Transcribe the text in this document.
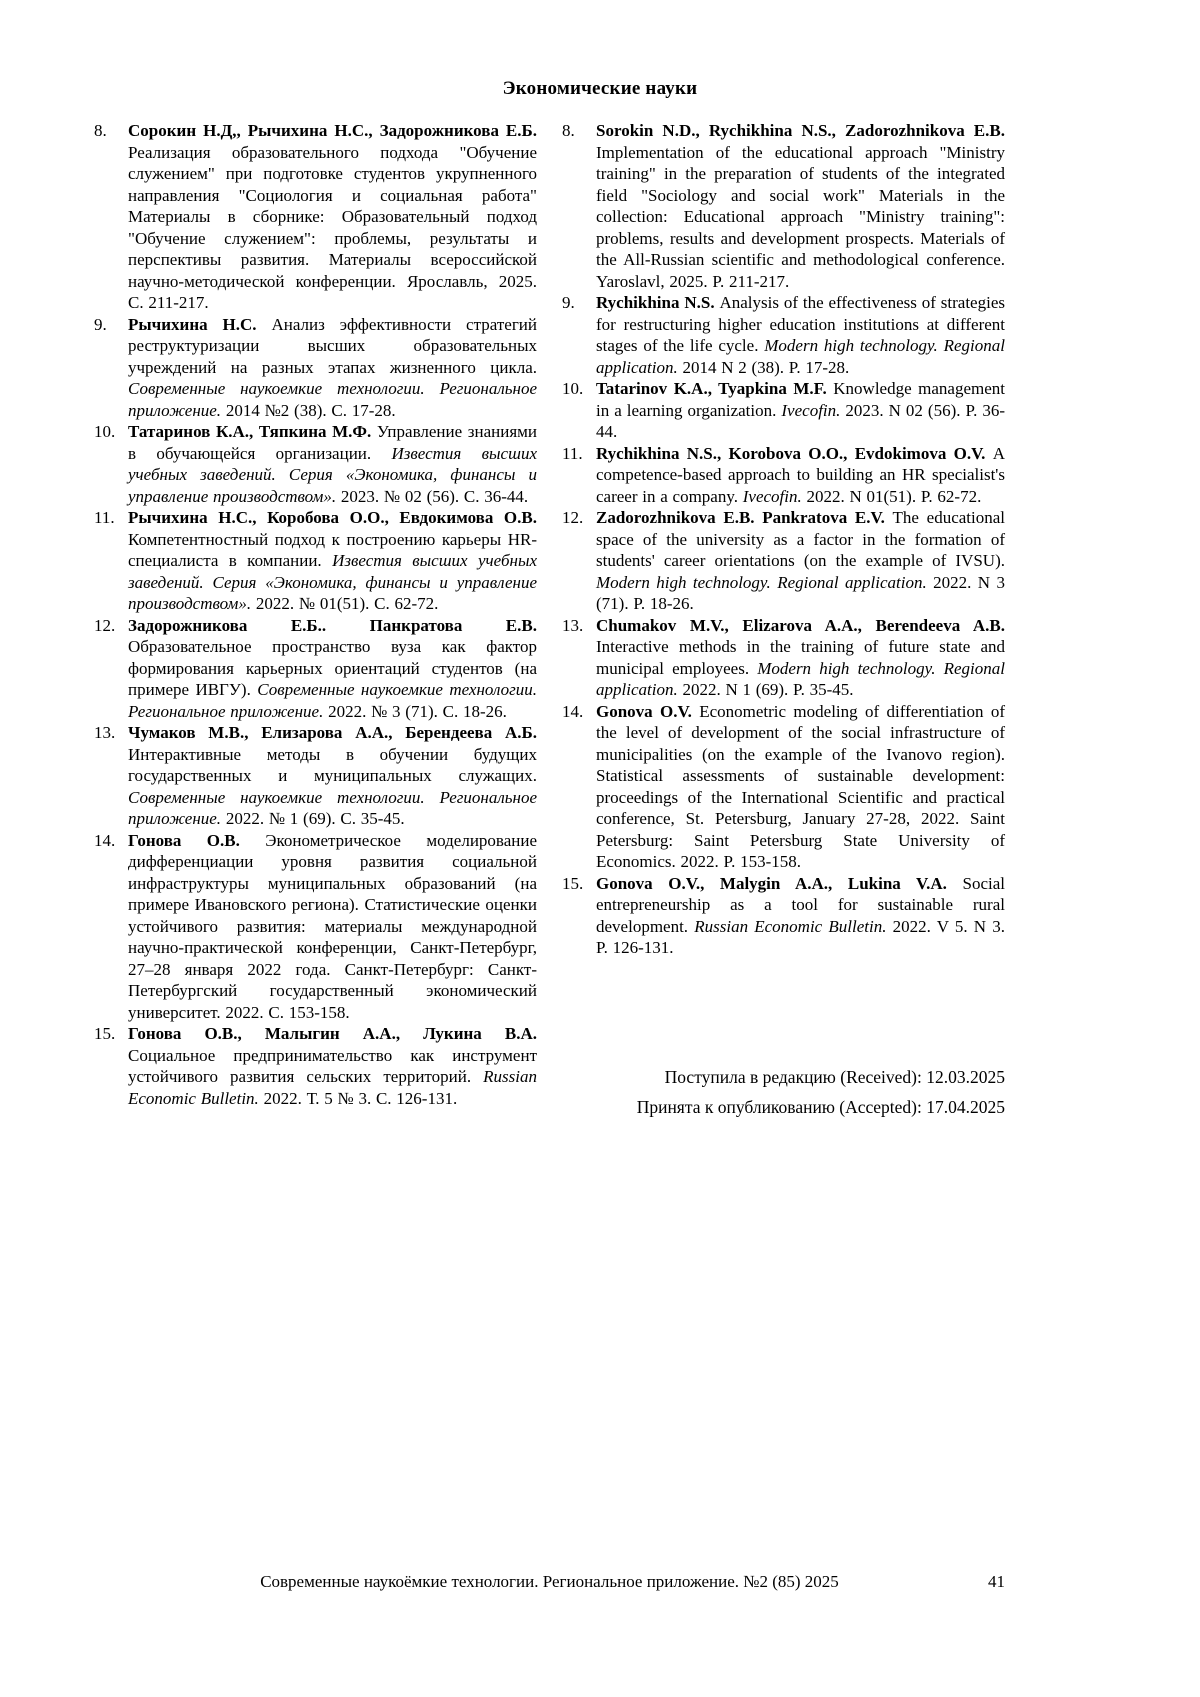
Экономические науки
8. Сорокин Н.Д,, Рычихина Н.С., Задорожникова Е.Б. Реализация образовательного подхода "Обучение служением" при подготовке студентов укрупненного направления "Социология и социальная работа" Материалы в сборнике: Образовательный подход "Обучение служением": проблемы, результаты и перспективы развития. Материалы всероссийской научно-методической конференции. Ярославль, 2025. С. 211-217.
9. Рычихина Н.С. Анализ эффективности стратегий реструктуризации высших образовательных учреждений на разных этапах жизненного цикла. Современные наукоемкие технологии. Региональное приложение. 2014 №2 (38). С. 17-28.
10. Татаринов К.А., Тяпкина М.Ф. Управление знаниями в обучающейся организации. Известия высших учебных заведений. Серия «Экономика, финансы и управление производством». 2023. № 02 (56). С. 36-44.
11. Рычихина Н.С., Коробова О.О., Евдокимова О.В. Компетентностный подход к построению карьеры HR-специалиста в компании. Известия высших учебных заведений. Серия «Экономика, финансы и управление производством». 2022. № 01(51). С. 62-72.
12. Задорожникова Е.Б.. Панкратова Е.В. Образовательное пространство вуза как фактор формирования карьерных ориентаций студентов (на примере ИВГУ). Современные наукоемкие технологии. Региональное приложение. 2022. № 3 (71). С. 18-26.
13. Чумаков М.В., Елизарова А.А., Берендеева А.Б. Интерактивные методы в обучении будущих государственных и муниципальных служащих. Современные наукоемкие технологии. Региональное приложение. 2022. № 1 (69). С. 35-45.
14. Гонова О.В. Эконометрическое моделирование дифференциации уровня развития социальной инфраструктуры муниципальных образований (на примере Ивановского региона). Статистические оценки устойчивого развития: материалы международной научно-практической конференции, Санкт-Петербург, 27–28 января 2022 года. Санкт-Петербург: Санкт-Петербургский государственный экономический университет. 2022. С. 153-158.
15. Гонова О.В., Малыгин А.А., Лукина В.А. Социальное предпринимательство как инструмент устойчивого развития сельских территорий. Russian Economic Bulletin. 2022. Т. 5 № 3. С. 126-131.
8. Sorokin N.D., Rychikhina N.S., Zadorozhnikova E.B. Implementation of the educational approach "Ministry training" in the preparation of students of the integrated field "Sociology and social work" Materials in the collection: Educational approach "Ministry training": problems, results and development prospects. Materials of the All-Russian scientific and methodological conference. Yaroslavl, 2025. P. 211-217.
9. Rychikhina N.S. Analysis of the effectiveness of strategies for restructuring higher education institutions at different stages of the life cycle. Modern high technology. Regional application. 2014 N 2 (38). P. 17-28.
10. Tatarinov K.A., Tyapkina M.F. Knowledge management in a learning organization. Ivecofin. 2023. N 02 (56). P. 36-44.
11. Rychikhina N.S., Korobova O.O., Evdokimova O.V. A competence-based approach to building an HR specialist's career in a company. Ivecofin. 2022. N 01(51). P. 62-72.
12. Zadorozhnikova E.B. Pankratova E.V. The educational space of the university as a factor in the formation of students' career orientations (on the example of IVSU). Modern high technology. Regional application. 2022. N 3 (71). P. 18-26.
13. Chumakov M.V., Elizarova A.A., Berendeeva A.B. Interactive methods in the training of future state and municipal employees. Modern high technology. Regional application. 2022. N 1 (69). P. 35-45.
14. Gonova O.V. Econometric modeling of differentiation of the level of development of the social infrastructure of municipalities (on the example of the Ivanovo region). Statistical assessments of sustainable development: proceedings of the International Scientific and practical conference, St. Petersburg, January 27-28, 2022. Saint Petersburg: Saint Petersburg State University of Economics. 2022. P. 153-158.
15. Gonova O.V., Malygin A.A., Lukina V.A. Social entrepreneurship as a tool for sustainable rural development. Russian Economic Bulletin. 2022. V 5. N 3. P. 126-131.
Поступила в редакцию (Received): 12.03.2025
Принята к опубликованию (Accepted): 17.04.2025
Современные наукоёмкие технологии. Региональное приложение. №2 (85) 2025	41
